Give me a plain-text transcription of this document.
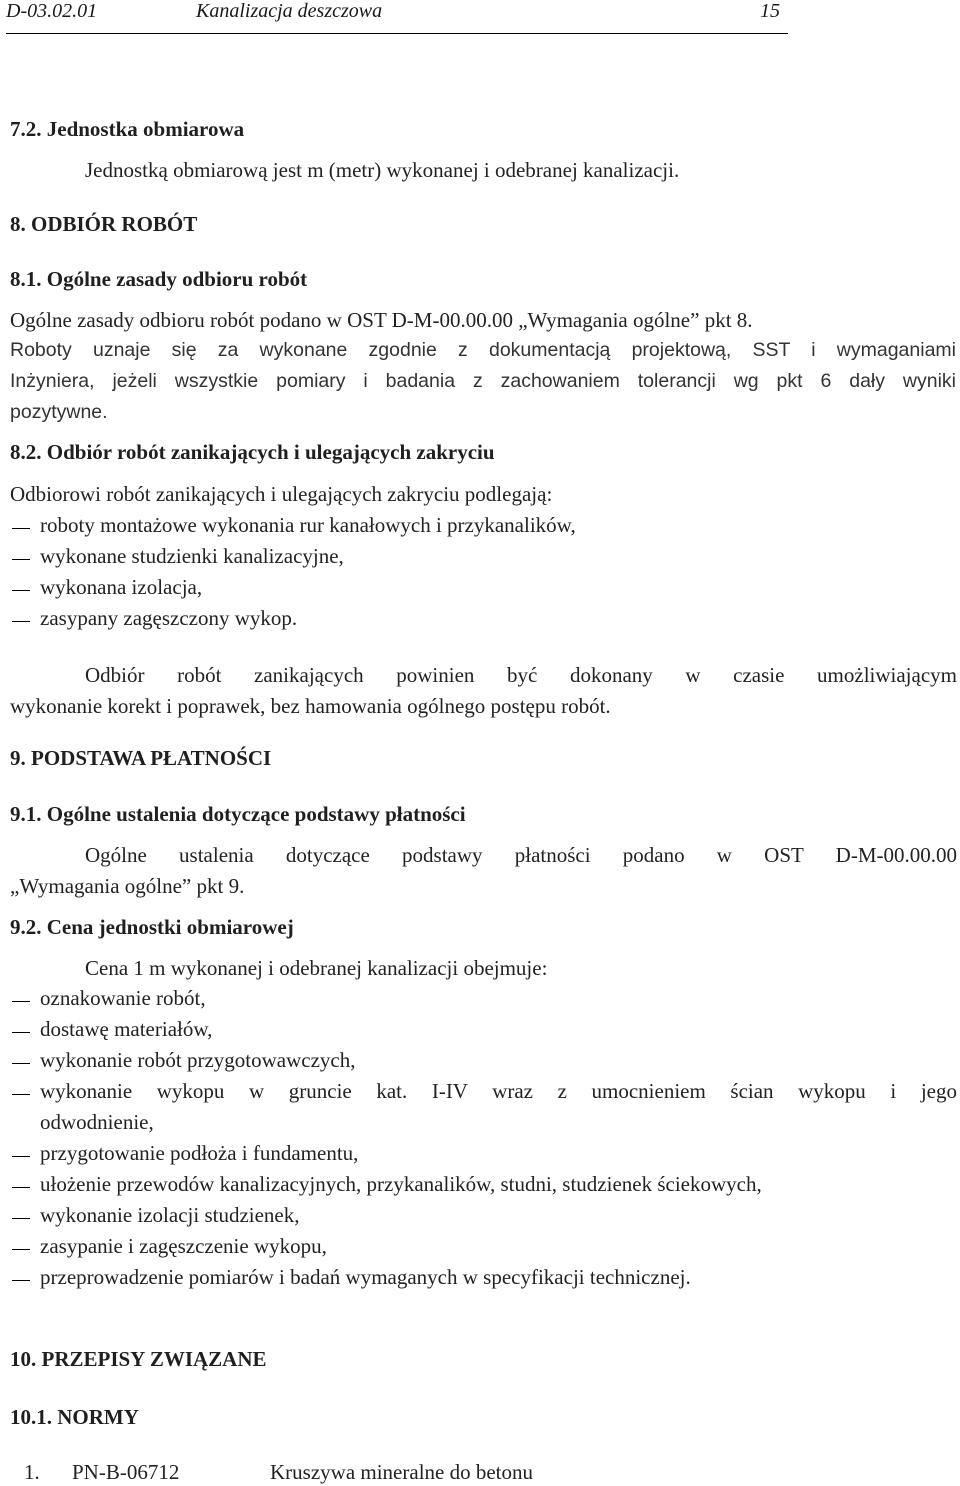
D-03.02.01	Kanalizacja deszczowa	15
7.2. Jednostka obmiarowa
Jednostką obmiarową jest m (metr) wykonanej i odebranej kanalizacji.
8. ODBIÓR ROBÓT
8.1. Ogólne zasady odbioru robót
Ogólne zasady odbioru robót podano w OST D-M-00.00.00 „Wymagania ogólne” pkt 8.
Roboty uznaje się za wykonane zgodnie z dokumentacją projektową, SST i wymaganiami
Inżyniera, jeżeli wszystkie pomiary i badania z zachowaniem tolerancji wg pkt 6 dały wyniki
pozytywne.
8.2. Odbiór robót zanikających i ulegających zakryciu
Odbiorowi robót zanikających i ulegających zakryciu podlegają:
roboty montażowe wykonania rur kanałowych i przykanalików,
wykonane studzienki kanalizacyjne,
wykonana izolacja,
zasypany zagęszczony wykop.
Odbiór robót zanikających powinien być dokonany w czasie umożliwiającym
wykonanie korekt i poprawek, bez hamowania ogólnego postępu robót.
9. PODSTAWA PŁATNOŚCI
9.1. Ogólne ustalenia dotyczące podstawy płatności
Ogólne ustalenia dotyczące podstawy płatności podano w OST D-M-00.00.00
„Wymagania ogólne” pkt 9.
9.2. Cena jednostki obmiarowej
Cena 1 m wykonanej i odebranej kanalizacji obejmuje:
oznakowanie robót,
dostawę materiałów,
wykonanie robót przygotowawczych,
wykonanie wykopu w gruncie kat. I-IV wraz z umocnieniem ścian wykopu i jego
odwodnienie,
przygotowanie podłoża i fundamentu,
ułożenie przewodów kanalizacyjnych, przykanalików, studni, studzienek ściekowych,
wykonanie izolacji studzienek,
zasypanie i zagęszczenie wykopu,
przeprowadzenie pomiarów i badań wymaganych w specyfikacji technicznej.
10. PRZEPISY ZWIĄZANE
10.1. NORMY
1. PN-B-06712	Kruszywa mineralne do betonu
